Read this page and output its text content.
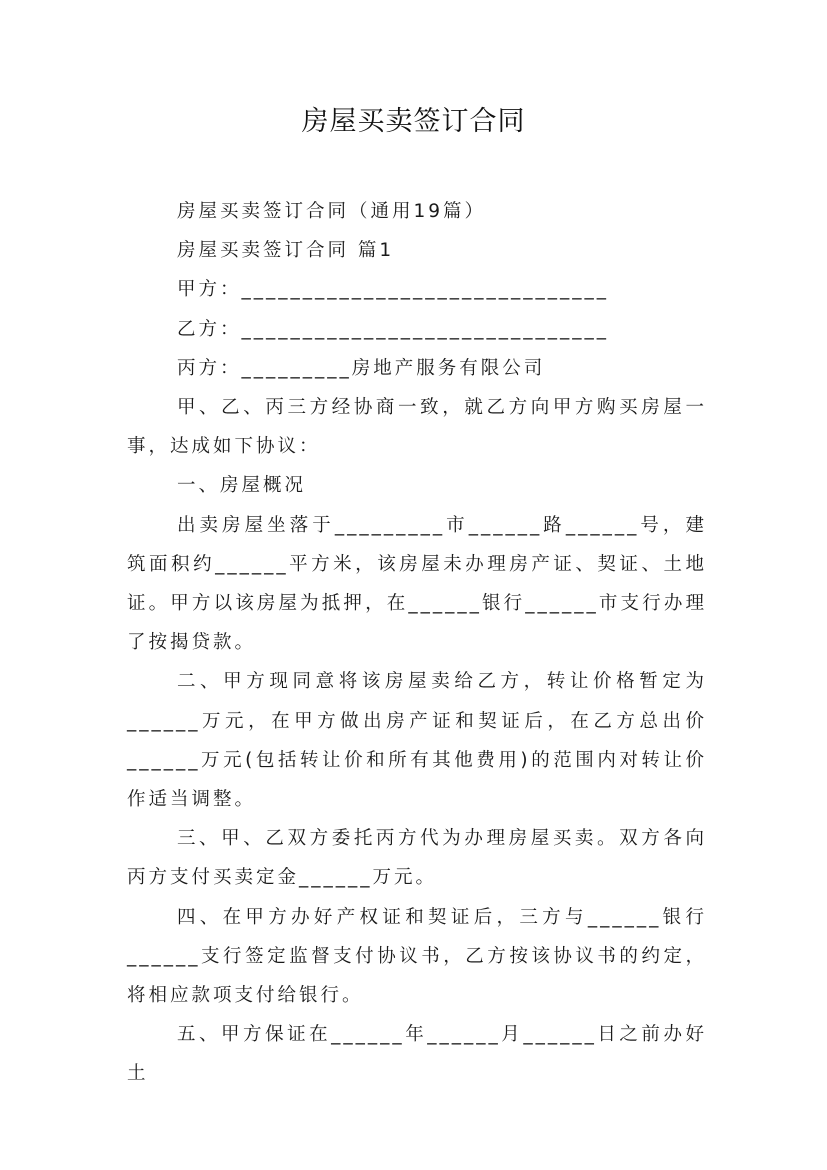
房屋买卖签订合同

房屋买卖签订合同（通用19篇）

房屋买卖签订合同 篇1

甲方：______________________________

乙方：______________________________

丙方：_________房地产服务有限公司

甲、乙、丙三方经协商一致，就乙方向甲方购买房屋一事，达成如下协议：

一、房屋概况

出卖房屋坐落于_________市______路______号，建筑面积约______平方米，该房屋未办理房产证、契证、土地证。甲方以该房屋为抵押，在______银行______市支行办理了按揭贷款。

二、甲方现同意将该房屋卖给乙方，转让价格暂定为______万元，在甲方做出房产证和契证后，在乙方总出价______万元(包括转让价和所有其他费用)的范围内对转让价作适当调整。

三、甲、乙双方委托丙方代为办理房屋买卖。双方各向丙方支付买卖定金______万元。

四、在甲方办好产权证和契证后，三方与______银行______支行签定监督支付协议书，乙方按该协议书的约定，将相应款项支付给银行。

五、甲方保证在______年______月______日之前办好土
